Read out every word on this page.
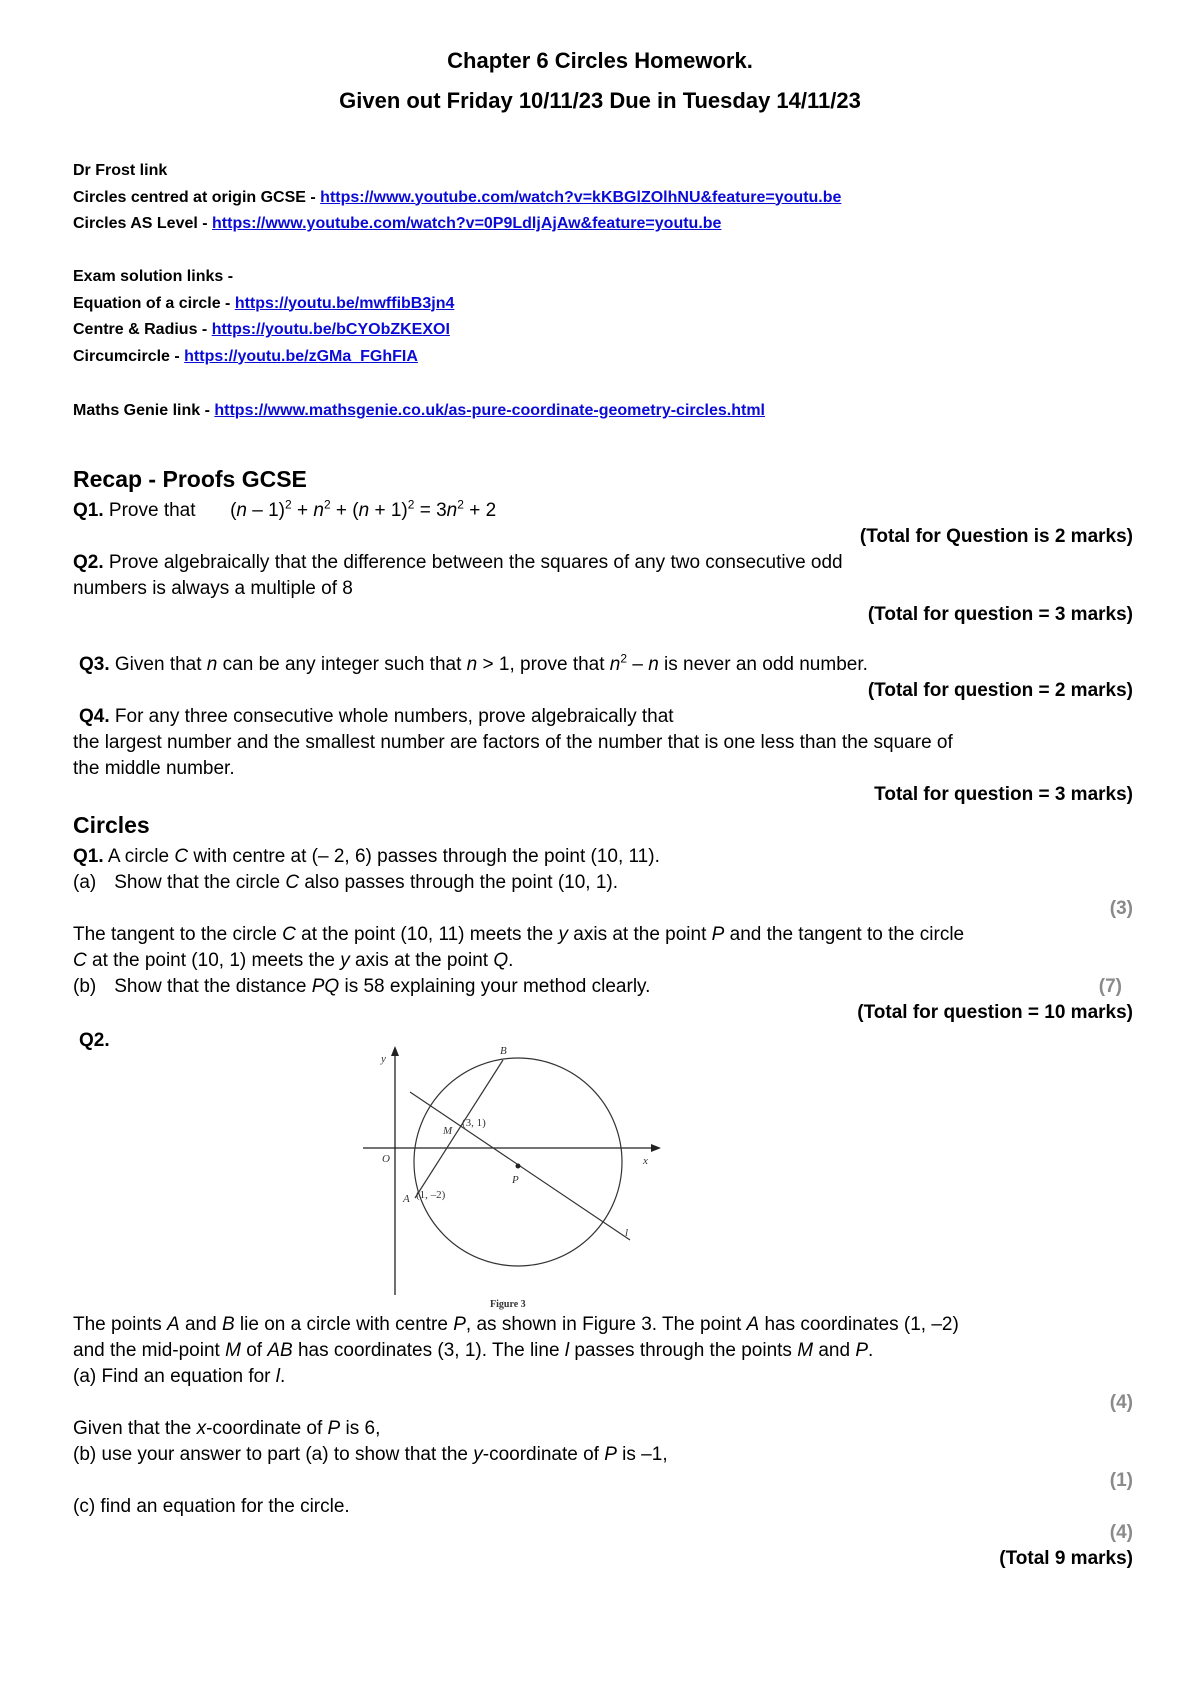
Chapter 6 Circles Homework.
Given out Friday 10/11/23 Due in Tuesday 14/11/23
Dr Frost link
Circles centred at origin GCSE - https://www.youtube.com/watch?v=kKBGlZOlhNU&feature=youtu.be
Circles AS Level - https://www.youtube.com/watch?v=0P9LdljAjAw&feature=youtu.be
Exam solution links -
Equation of a circle - https://youtu.be/mwffibB3jn4
Centre & Radius - https://youtu.be/bCYObZKEXOI
Circumcircle - https://youtu.be/zGMa_FGhFIA
Maths Genie link - https://www.mathsgenie.co.uk/as-pure-coordinate-geometry-circles.html
Recap - Proofs GCSE
Q1. Prove that $(n - 1)^2 + n^2 + (n + 1)^2 = 3n^2 + 2$
(Total for Question is 2 marks)
Q2. Prove algebraically that the difference between the squares of any two consecutive odd
numbers is always a multiple of 8
(Total for question = 3 marks)
Q3. Given that n can be any integer such that n > 1, prove that $n^2$ – n is never an odd number.
(Total for question = 2 marks)
Q4. For any three consecutive whole numbers, prove algebraically that
the largest number and the smallest number are factors of the number that is one less than the square of
the middle number.
Total for question = 3 marks)
Circles
Q1. A circle C with centre at (– 2, 6) passes through the point (10, 11).
(a) Show that the circle C also passes through the point (10, 1).
(3)
The tangent to the circle C at the point (10, 11) meets the y axis at the point P and the tangent to the circle
C at the point (10, 1) meets the y axis at the point Q.
(b) Show that the distance PQ is 58 explaining your method clearly.	(7)
(Total for question = 10 marks)
Q2.
y
x
O
B
M
(3, 1)
A (1, –2)
P
l
Figure 3
The points A and B lie on a circle with centre P, as shown in Figure 3. The point A has coordinates (1, –2)
and the mid-point M of AB has coordinates (3, 1). The line l passes through the points M and P.
(a) Find an equation for l.
(4)
Given that the x-coordinate of P is 6,
(b) use your answer to part (a) to show that the y-coordinate of P is –1,
(1)
(c) find an equation for the circle.
(4)
(Total 9 marks)
